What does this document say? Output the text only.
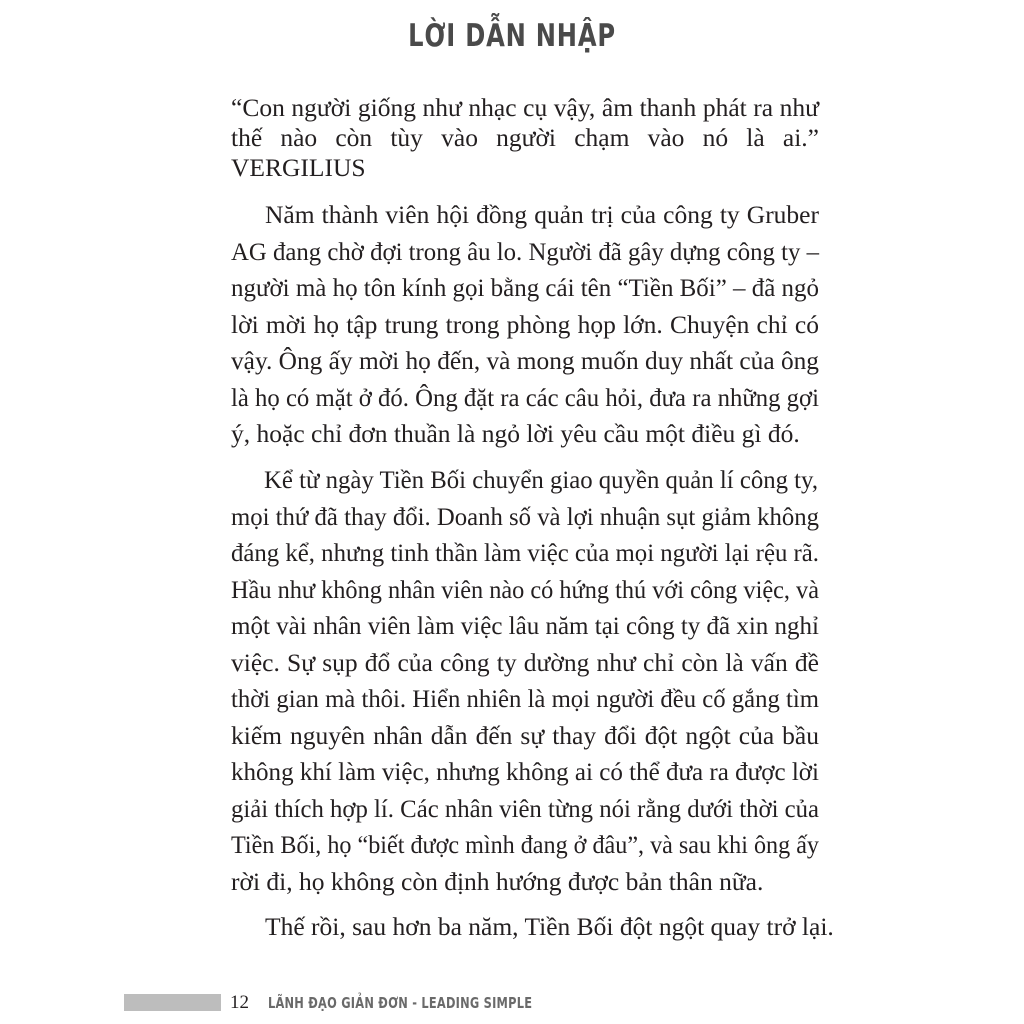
LỜI DẪN NHẬP
“Con người giống như nhạc cụ vậy, âm thanh phát ra như
thế nào còn tùy vào người chạm vào nó là ai.”
VERGILIUS
Năm thành viên hội đồng quản trị của công ty Gruber
AG đang chờ đợi trong âu lo. Người đã gây dựng công ty –
người mà họ tôn kính gọi bằng cái tên “Tiền Bối” – đã ngỏ
lời mời họ tập trung trong phòng họp lớn. Chuyện chỉ có
vậy. Ông ấy mời họ đến, và mong muốn duy nhất của ông
là họ có mặt ở đó. Ông đặt ra các câu hỏi, đưa ra những gợi
ý, hoặc chỉ đơn thuần là ngỏ lời yêu cầu một điều gì đó.
Kể từ ngày Tiền Bối chuyển giao quyền quản lí công ty,
mọi thứ đã thay đổi. Doanh số và lợi nhuận sụt giảm không
đáng kể, nhưng tinh thần làm việc của mọi người lại rệu rã.
Hầu như không nhân viên nào có hứng thú với công việc, và
một vài nhân viên làm việc lâu năm tại công ty đã xin nghỉ
việc. Sự sụp đổ của công ty dường như chỉ còn là vấn đề
thời gian mà thôi. Hiển nhiên là mọi người đều cố gắng tìm
kiếm nguyên nhân dẫn đến sự thay đổi đột ngột của bầu
không khí làm việc, nhưng không ai có thể đưa ra được lời
giải thích hợp lí. Các nhân viên từng nói rằng dưới thời của
Tiền Bối, họ “biết được mình đang ở đâu”, và sau khi ông ấy
rời đi, họ không còn định hướng được bản thân nữa.
Thế rồi, sau hơn ba năm, Tiền Bối đột ngột quay trở lại.
12 LÃNH ĐẠO GIẢN ĐƠN - LEADING SIMPLE
